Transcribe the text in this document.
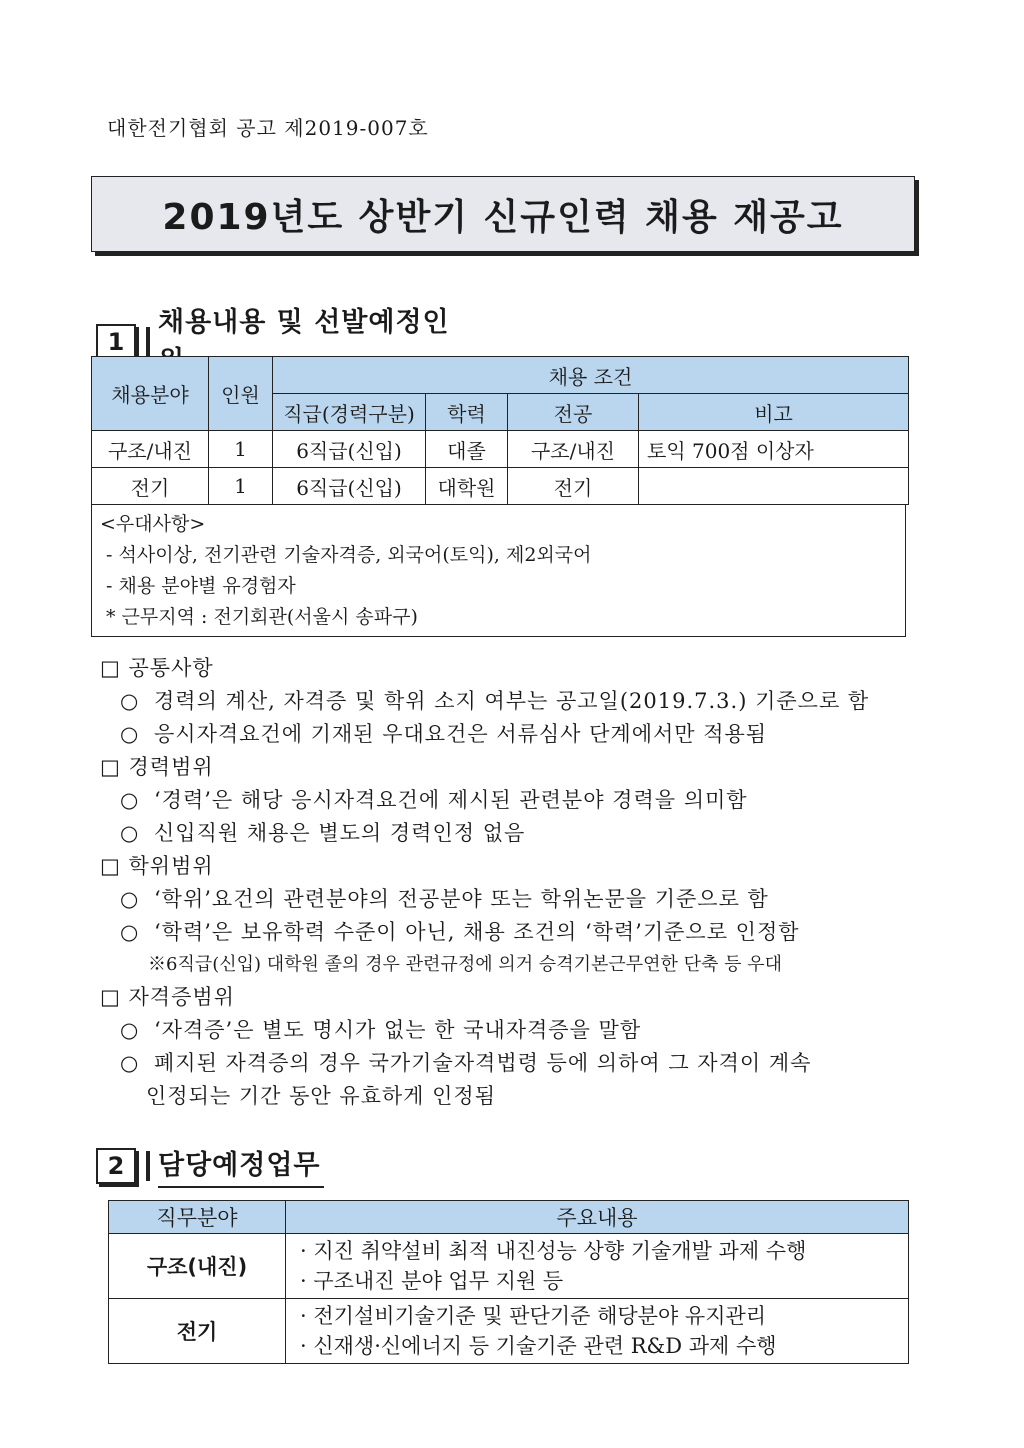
대한전기협회 공고 제2019-007호
2019년도 상반기 신규인력 채용 재공고
1
채용내용 및 선발예정인
채용분야	인원	채용 조건			
		직급(경력구분)	학력	전공	비고
구조/내진	1	6직급(신입)	대졸	구조/내진	토익 700점 이상자
전기	1	6직급(신입)	대학원	전기	
<우대사항>
- 석사이상, 전기관련 기술자격증, 외국어(토익), 제2외국어
- 채용 분야별 유경험자
* 근무지역 : 전기회관(서울시 송파구)
□ 공통사항
○ 경력의 계산, 자격증 및 학위 소지 여부는 공고일(2019.7.3.) 기준으로 함
○ 응시자격요건에 기재된 우대요건은 서류심사 단계에서만 적용됨
□ 경력범위
○ ‘경력’은 해당 응시자격요건에 제시된 관련분야 경력을 의미함
○ 신입직원 채용은 별도의 경력인정 없음
□ 학위범위
○ ‘학위’요건의 관련분야의 전공분야 또는 학위논문을 기준으로 함
○ ‘학력’은 보유학력 수준이 아닌, 채용 조건의 ‘학력’기준으로 인정함
※6직급(신입) 대학원 졸의 경우 관련규정에 의거 승격기본근무연한 단축 등 우대
□ 자격증범위
○ ‘자격증’은 별도 명시가 없는 한 국내자격증을 말함
○ 폐지된 자격증의 경우 국가기술자격법령 등에 의하여 그 자격이 계속
인정되는 기간 동안 유효하게 인정됨
2	담당예정업무
직무분야	주요내용
구조(내진)	· 지진 취약설비 최적 내진성능 상향 기술개발 과제 수행
· 구조내진 분야 업무 지원 등

전기	· 전기설비기술기준 및 판단기준 해당분야 유지관리
· 신재생·신에너지 등 기술기준 관련 R&D 과제 수행
